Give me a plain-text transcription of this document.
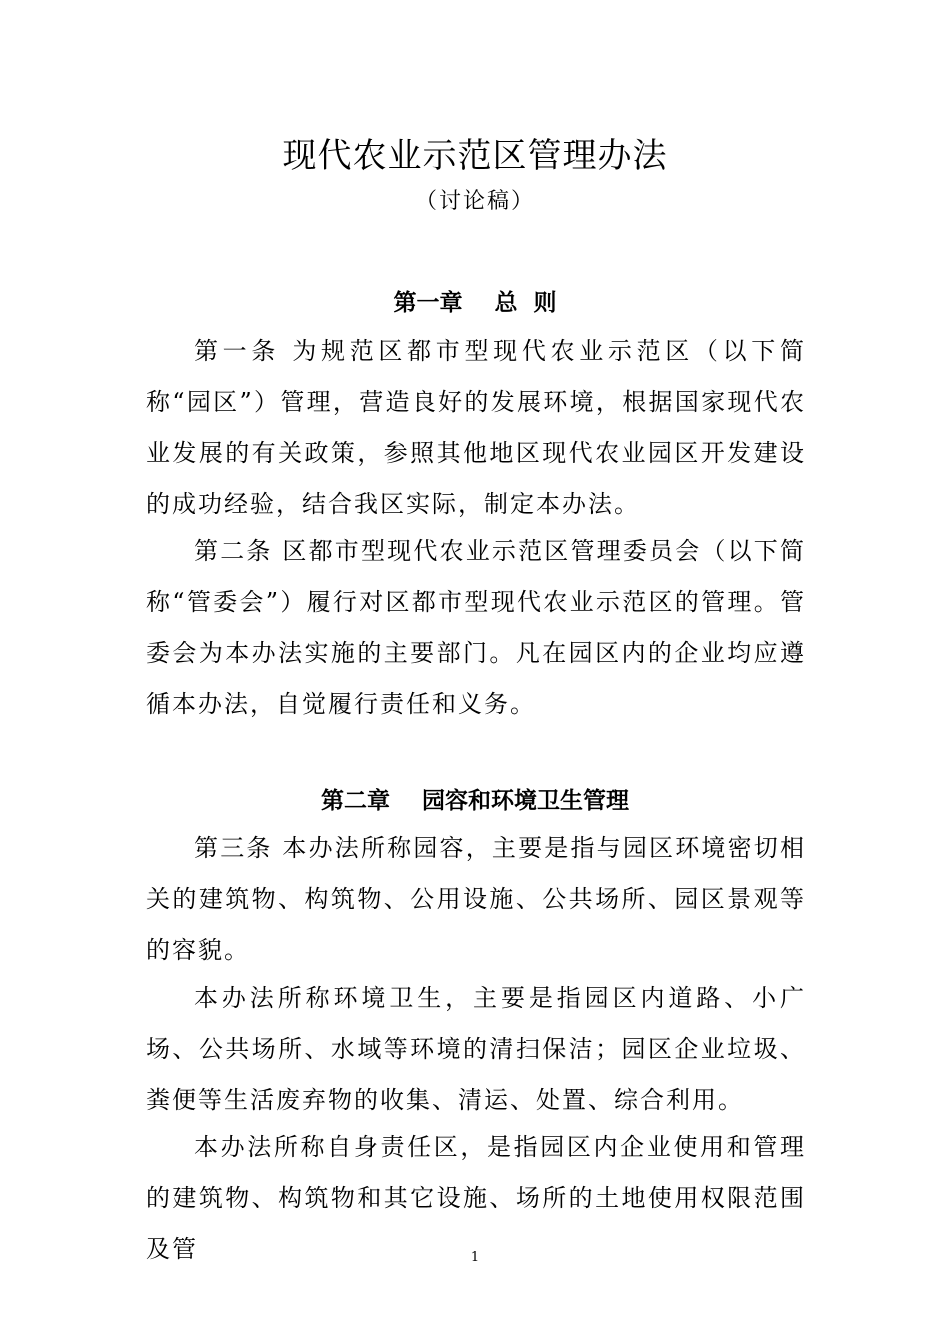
现代农业示范区管理办法
（讨论稿）
第一章    总  则
第一条 为规范区都市型现代农业示范区（以下简称“园区”）管理，营造良好的发展环境，根据国家现代农业发展的有关政策，参照其他地区现代农业园区开发建设的成功经验，结合我区实际，制定本办法。
第二条 区都市型现代农业示范区管理委员会（以下简称“管委会”）履行对区都市型现代农业示范区的管理。管委会为本办法实施的主要部门。凡在园区内的企业均应遵循本办法，自觉履行责任和义务。
第二章    园容和环境卫生管理
第三条 本办法所称园容，主要是指与园区环境密切相关的建筑物、构筑物、公用设施、公共场所、园区景观等的容貌。
本办法所称环境卫生，主要是指园区内道路、小广场、公共场所、水域等环境的清扫保洁；园区企业垃圾、粪便等生活废弃物的收集、清运、处置、综合利用。
本办法所称自身责任区，是指园区内企业使用和管理的建筑物、构筑物和其它设施、场所的土地使用权限范围及管	1
